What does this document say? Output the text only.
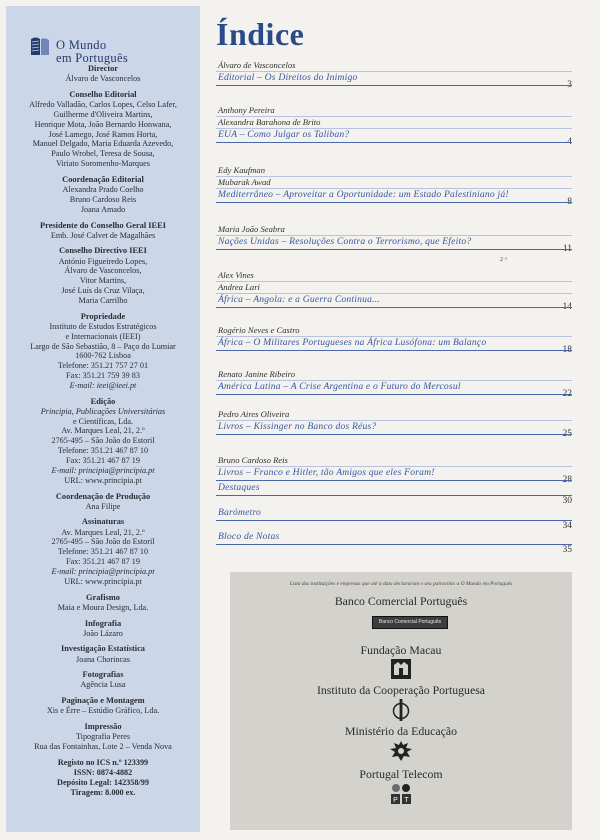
O Mundo
em Português
Director
Álvaro de Vasconcelos
Conselho Editorial
Alfredo Valladão, Carlos Lopes, Celso Lafer,
Guilherme d'Oliveira Martins,
Henrique Mota, João Bernardo Honwana,
José Lamego, José Ramos Horta,
Manuel Delgado, Maria Eduarda Azevedo,
Paulo Wrobel, Teresa de Sousa,
Viriato Soromenho-Marques
Coordenação Editorial
Alexandra Prado Coelho
Bruno Cardoso Reis
Joana Amado
Presidente do Conselho Geral IEEI
Emb. José Calvet de Magalhães
Conselho Directivo IEEI
António Figueiredo Lopes,
Álvaro de Vasconcelos,
Vitor Martins,
José Luís da Cruz Vilaça,
Maria Carrilho
Propriedade
Instituto de Estudos Estratégicos
e Internacionais (IEEI)
Largo de São Sebastião, 8 – Paço do Lumiar
1600-762 Lisboa
Telefone: 351.21 757 27 01
Fax: 351.21 759 39 83
E-mail: ieei@ieei.pt
Edição
Principia, Publicações Universitárias
e Científicas, Lda.
Av. Marques Leal, 21, 2.º
2765-495 – São João do Estoril
Telefone: 351.21 467 87 10
Fax: 351.21 467 87 19
E-mail: principia@principia.pt
URL: www.principia.pt
Coordenação de Produção
Ana Filipe
Assinaturas
Av. Marques Leal, 21, 2.º
2765-495 – São João do Estoril
Telefone: 351.21 467 87 10
Fax: 351.21 467 87 19
E-mail: principia@principia.pt
URL: www.principia.pt
Grafismo
Maia e Moura Design, Lda.
Infografia
João Lázaro
Investigação Estatística
Joana Chorincas
Fotografias
Agência Lusa
Paginação e Montagem
Xis e Érre – Estúdio Gráfico, Lda.
Impressão
Tipografia Peres
Rua das Fontainhas, Lote 2 – Venda Nova
Registo no ICS n.º 123399
ISSN: 0874-4882
Depósito Legal: 142358/99
Tiragem: 8.000 ex.
Índice
Álvaro de Vasconcelos
Editorial – Os Direitos do Inimigo
3
Anthony Pereira
Alexandra Barahona de Brito
EUA – Como Julgar os Taliban?
4
Edy Kaufman
Mubarak Awad
Mediterrâneo – Aproveitar a Oportunidade: um Estado Palestiniano já!
8
Maria João Seabra
Nações Unidas – Resoluções Contra o Terrorismo, que Efeito?
11
Alex Vines
Andrea Lari
África – Angola: e a Guerra Continua...
14
Rogério Neves e Castro
África – O Militares Portugueses na África Lusófona: um Balanço
18
Renato Janine Ribeiro
América Latina – A Crise Argentina e o Futuro do Mercosul
22
Pedro Aires Oliveira
Livros – Kissinger no Banco dos Réus?
25
Bruno Cardoso Reis
Livros – Franco e Hitler, tão Amigos que eles Foram!
28
Destaques
30
Barómetro
34
Bloco de Notas
35
2 ^
Lista das instituições e empresas que até à data declararam o seu patrocínio a O Mundo em Português
Banco Comercial Português
Banco Comercial Português
Fundação Macau
Instituto da Cooperação Portuguesa
Ministério da Educação
Portugal Telecom
P T
